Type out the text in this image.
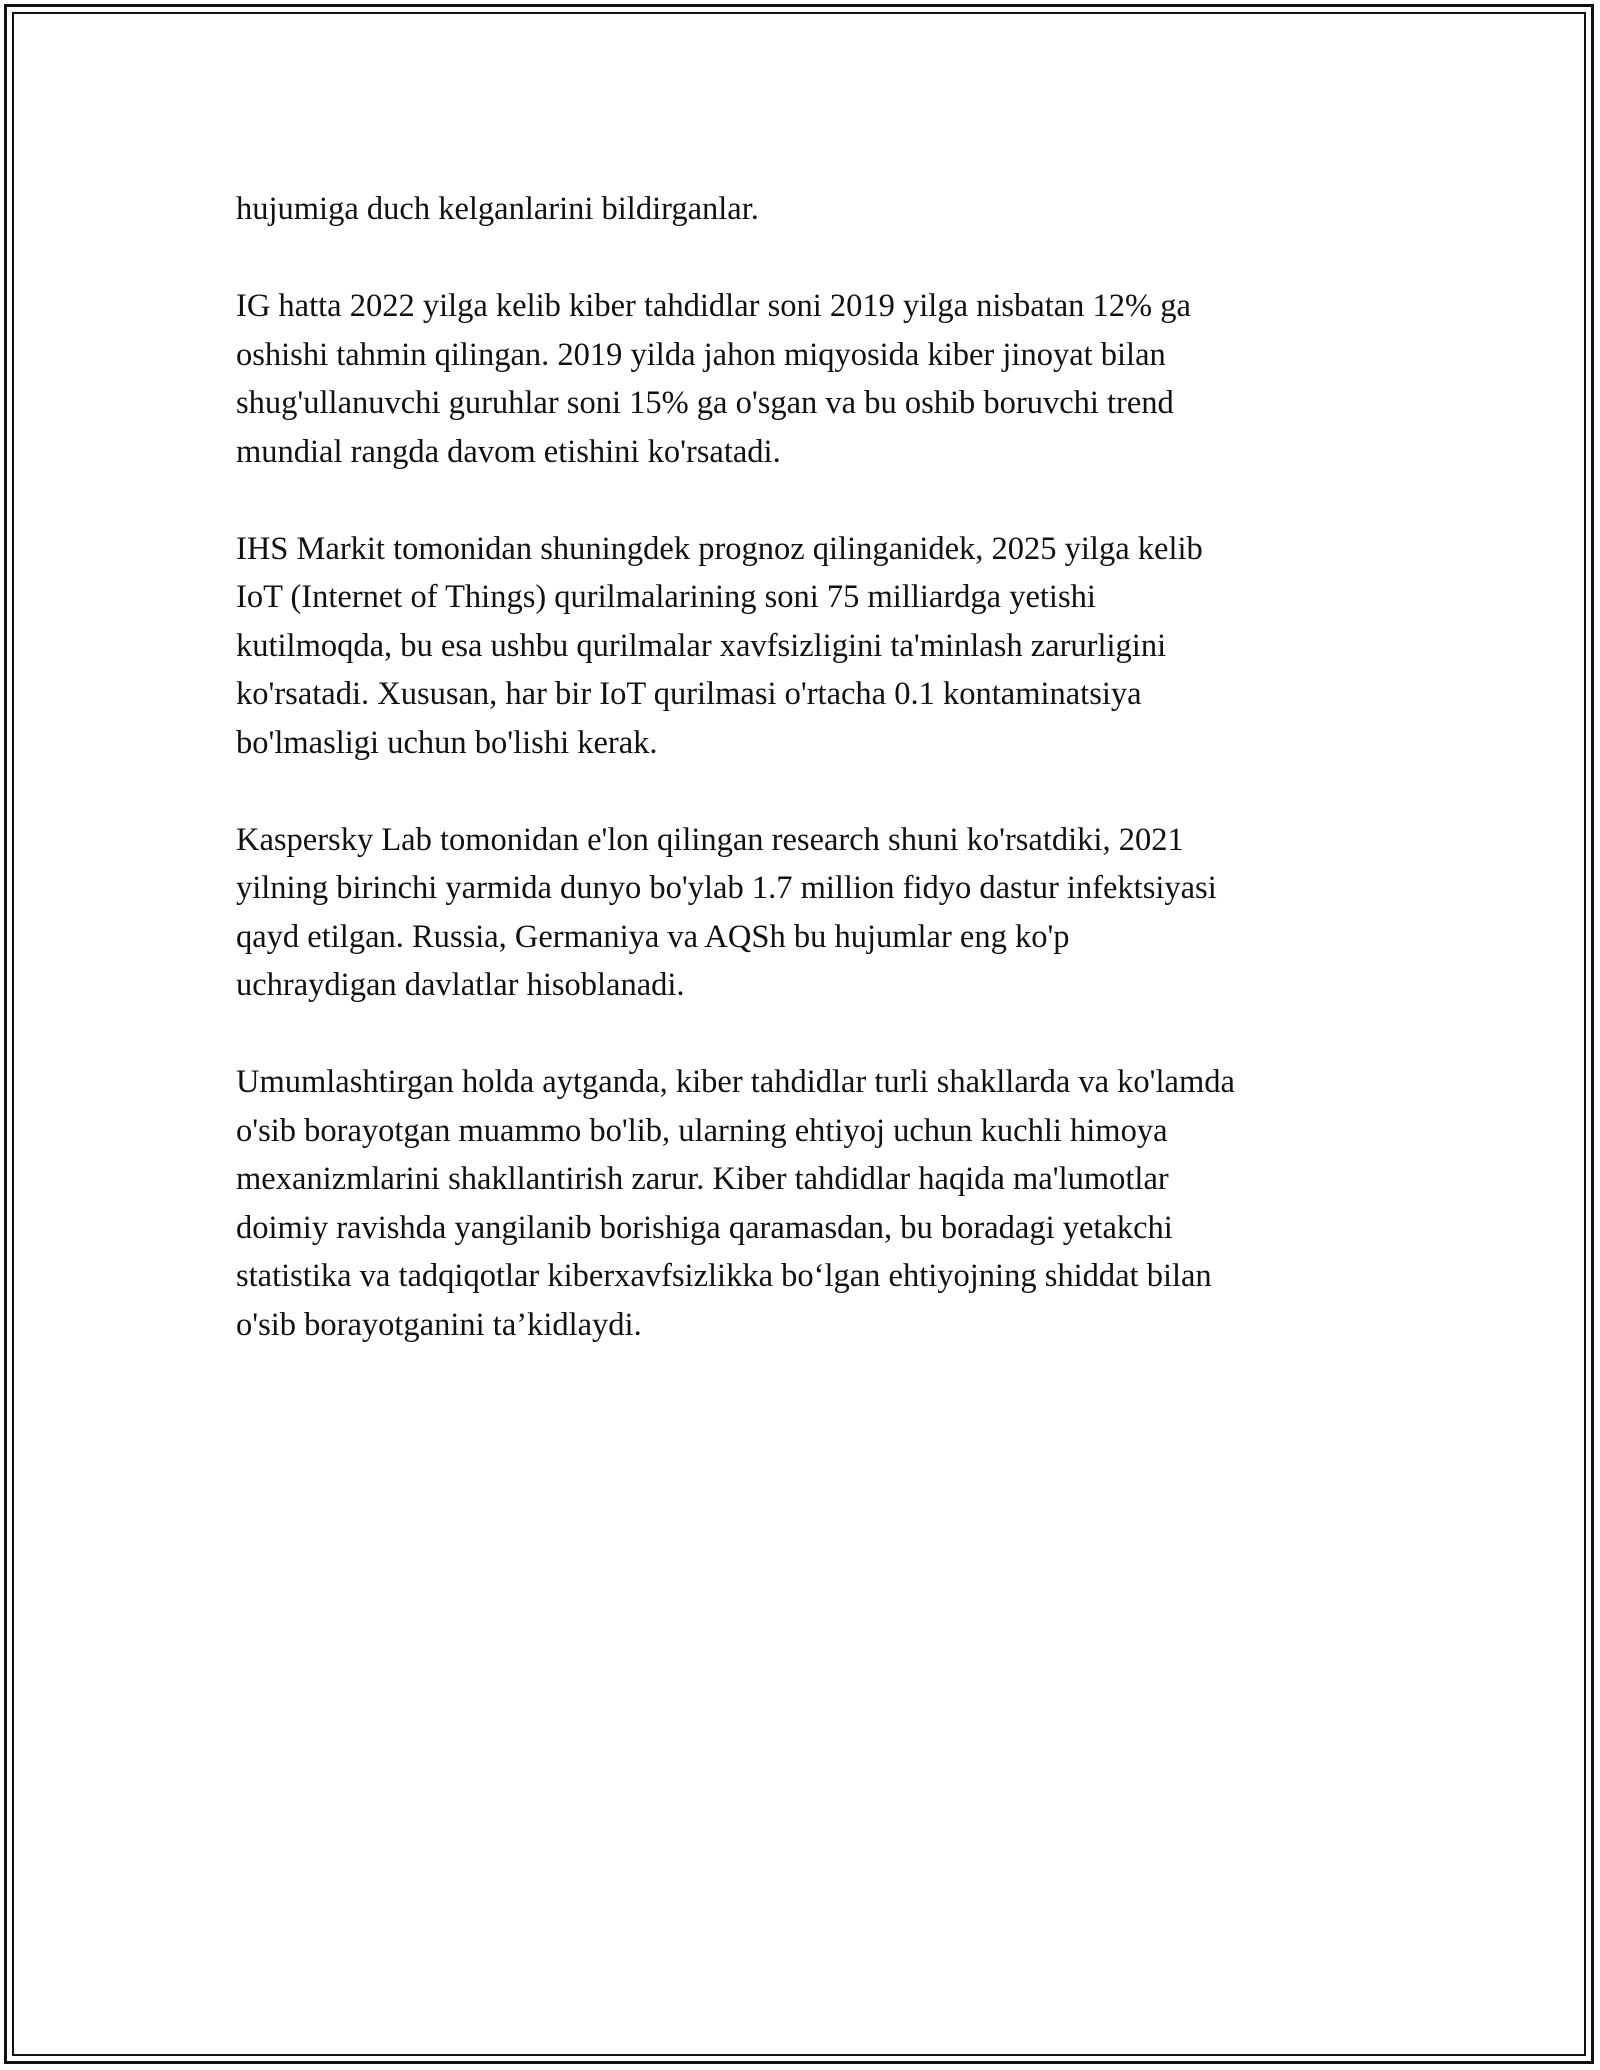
hujumiga duch kelganlarini bildirganlar.

IG hatta 2022 yilga kelib kiber tahdidlar soni 2019 yilga nisbatan 12% ga
oshishi tahmin qilingan. 2019 yilda jahon miqyosida kiber jinoyat bilan
shug'ullanuvchi guruhlar soni 15% ga o'sgan va bu oshib boruvchi trend
mundial rangda davom etishini ko'rsatadi.

IHS Markit tomonidan shuningdek prognoz qilinganidek, 2025 yilga kelib
IoT (Internet of Things) qurilmalarining soni 75 milliardga yetishi
kutilmoqda, bu esa ushbu qurilmalar xavfsizligini ta'minlash zarurligini
ko'rsatadi. Xususan, har bir IoT qurilmasi o'rtacha 0.1 kontaminatsiya
bo'lmasligi uchun bo'lishi kerak.

Kaspersky Lab tomonidan e'lon qilingan research shuni ko'rsatdiki, 2021
yilning birinchi yarmida dunyo bo'ylab 1.7 million fidyo dastur infektsiyasi
qayd etilgan. Russia, Germaniya va AQSh bu hujumlar eng ko'p
uchraydigan davlatlar hisoblanadi.

Umumlashtirgan holda aytganda, kiber tahdidlar turli shakllarda va ko'lamda
o'sib borayotgan muammo bo'lib, ularning ehtiyoj uchun kuchli himoya
mexanizmlarini shakllantirish zarur. Kiber tahdidlar haqida ma'lumotlar
doimiy ravishda yangilanib borishiga qaramasdan, bu boradagi yetakchi
statistika va tadqiqotlar kiberxavfsizlikka bo‘lgan ehtiyojning shiddat bilan
o'sib borayotganini ta’kidlaydi.
